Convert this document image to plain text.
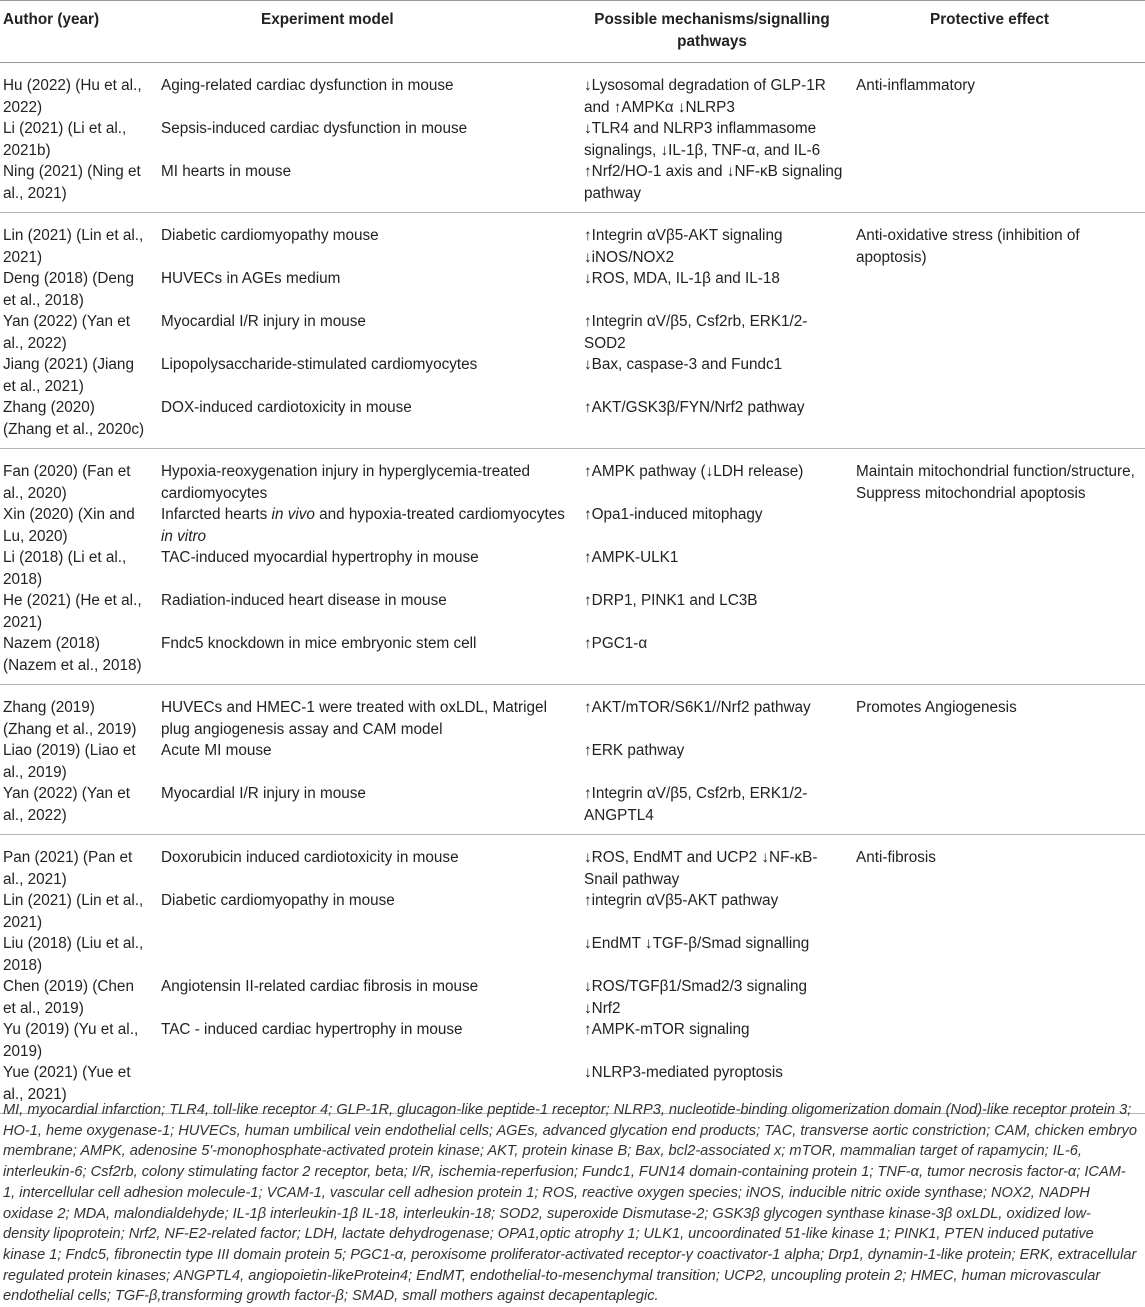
Author (year)	Experiment model	Possible mechanisms/signalling pathways	Protective effect
Hu (2022) (Hu et al., 2022)	Aging-related cardiac dysfunction in mouse	↓Lysosomal degradation of GLP-1R and ↑AMPKα ↓NLRP3	Anti-inflammatory
Li (2021) (Li et al., 2021b)	Sepsis-induced cardiac dysfunction in mouse	↓TLR4 and NLRP3 inflammasome signalings, ↓IL-1β, TNF-α, and IL-6	
Ning (2021) (Ning et al., 2021)	MI hearts in mouse	↑Nrf2/HO-1 axis and ↓NF-κB signaling pathway	
Lin (2021) (Lin et al., 2021)	Diabetic cardiomyopathy mouse	↑Integrin αVβ5-AKT signaling ↓iNOS/NOX2	Anti-oxidative stress (inhibition of apoptosis)
Deng (2018) (Deng et al., 2018)	HUVECs in AGEs medium	↓ROS, MDA, IL-1β and IL-18	
Yan (2022) (Yan et al., 2022)	Myocardial I/R injury in mouse	↑Integrin αV/β5, Csf2rb, ERK1/2-SOD2	
Jiang (2021) (Jiang et al., 2021)	Lipopolysaccharide-stimulated cardiomyocytes	↓Bax, caspase-3 and Fundc1	
Zhang (2020) (Zhang et al., 2020c)	DOX-induced cardiotoxicity in mouse	↑AKT/GSK3β/FYN/Nrf2 pathway	
Fan (2020) (Fan et al., 2020)	Hypoxia-reoxygenation injury in hyperglycemia-treated cardiomyocytes	↑AMPK pathway (↓LDH release)	Maintain mitochondrial function/structure, Suppress mitochondrial apoptosis
Xin (2020) (Xin and Lu, 2020)	Infarcted hearts in vivo and hypoxia-treated cardiomyocytes in vitro	↑Opa1-induced mitophagy	
Li (2018) (Li et al., 2018)	TAC-induced myocardial hypertrophy in mouse	↑AMPK-ULK1	
He (2021) (He et al., 2021)	Radiation-induced heart disease in mouse	↑DRP1, PINK1 and LC3B	
Nazem (2018) (Nazem et al., 2018)	Fndc5 knockdown in mice embryonic stem cell	↑PGC1-α	
Zhang (2019) (Zhang et al., 2019)	HUVECs and HMEC-1 were treated with oxLDL, Matrigel plug angiogenesis assay and CAM model	↑AKT/mTOR/S6K1//Nrf2 pathway	Promotes Angiogenesis
Liao (2019) (Liao et al., 2019)	Acute MI mouse	↑ERK pathway	
Yan (2022) (Yan et al., 2022)	Myocardial I/R injury in mouse	↑Integrin αV/β5, Csf2rb, ERK1/2-ANGPTL4	
Pan (2021) (Pan et al., 2021)	Doxorubicin induced cardiotoxicity in mouse	↓ROS, EndMT and UCP2 ↓NF-κB-Snail pathway	Anti-fibrosis
Lin (2021) (Lin et al., 2021)	Diabetic cardiomyopathy in mouse	↑integrin αVβ5-AKT pathway	
Liu (2018) (Liu et al., 2018)		↓EndMT ↓TGF-β/Smad signalling	
Chen (2019) (Chen et al., 2019)	Angiotensin II-related cardiac fibrosis in mouse	↓ROS/TGFβ1/Smad2/3 signaling ↓Nrf2	
Yu (2019) (Yu et al., 2019)	TAC - induced cardiac hypertrophy in mouse	↑AMPK-mTOR signaling	
Yue (2021) (Yue et al., 2021)		↓NLRP3-mediated pyroptosis	
MI, myocardial infarction; TLR4, toll-like receptor 4; GLP-1R, glucagon-like peptide-1 receptor; NLRP3, nucleotide-binding oligomerization domain (Nod)-like receptor protein 3; HO-1, heme oxygenase-1; HUVECs, human umbilical vein endothelial cells; AGEs, advanced glycation end products; TAC, transverse aortic constriction; CAM, chicken embryo membrane; AMPK, adenosine 5'-monophosphate-activated protein kinase; AKT, protein kinase B; Bax, bcl2-associated x; mTOR, mammalian target of rapamycin; IL-6, interleukin-6; Csf2rb, colony stimulating factor 2 receptor, beta; I/R, ischemia-reperfusion; Fundc1, FUN14 domain-containing protein 1; TNF-α, tumor necrosis factor-α; ICAM-1, intercellular cell adhesion molecule-1; VCAM-1, vascular cell adhesion protein 1; ROS, reactive oxygen species; iNOS, inducible nitric oxide synthase; NOX2, NADPH oxidase 2; MDA, malondialdehyde; IL-1β interleukin-1β IL-18, interleukin-18; SOD2, superoxide Dismutase-2; GSK3β glycogen synthase kinase-3β oxLDL, oxidized low-density lipoprotein; Nrf2, NF-E2-related factor; LDH, lactate dehydrogenase; OPA1,optic atrophy 1; ULK1, uncoordinated 51-like kinase 1; PINK1, PTEN induced putative kinase 1; Fndc5, fibronectin type III domain protein 5; PGC1-α, peroxisome proliferator-activated receptor-γ coactivator-1 alpha; Drp1, dynamin-1-like protein; ERK, extracellular regulated protein kinases; ANGPTL4, angiopoietin-likeProtein4; EndMT, endothelial-to-mesenchymal transition; UCP2, uncoupling protein 2; HMEC, human microvascular endothelial cells; TGF-β,transforming growth factor-β; SMAD, small mothers against decapentaplegic.
